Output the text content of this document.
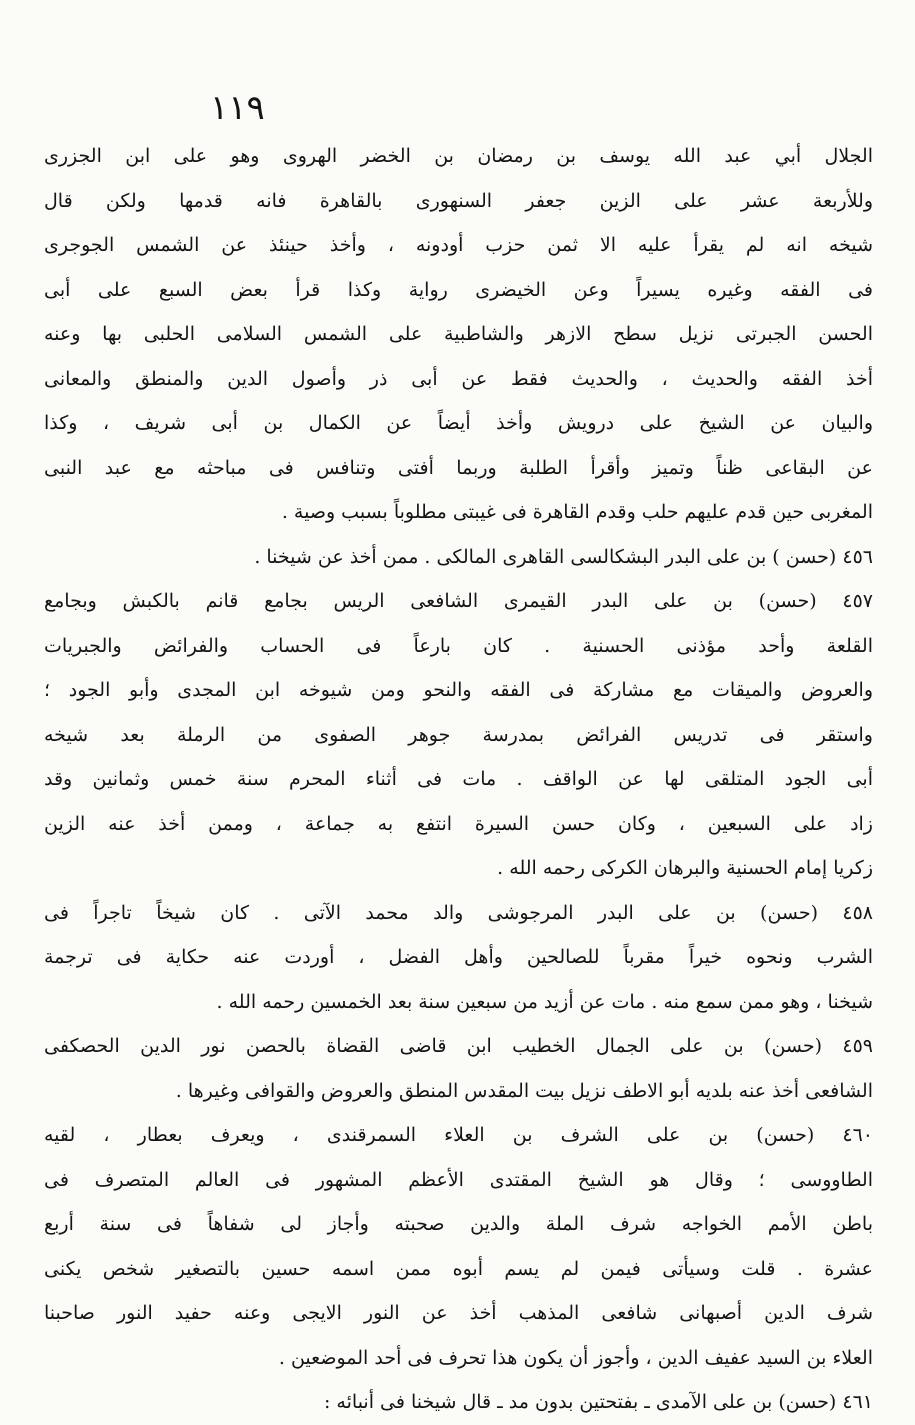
١١٩
الجلال أبي عبد الله يوسف بن رمضان بن الخضر الهروى وهو على ابن الجزرى
وللأربعة عشر على الزين جعفر السنهورى بالقاهرة فانه قدمها ولكن قال
شيخه انه لم يقرأ عليه الا ثمن حزب أودونه ، وأخذ حينئذ عن الشمس الجوجرى
فى الفقه وغيره يسيراً وعن الخيضرى رواية وكذا قرأ بعض السبع على أبى
الحسن الجبرتى نزيل سطح الازهر والشاطبية على الشمس السلامى الحلبى بها وعنه
أخذ الفقه والحديث ، والحديث فقط عن أبى ذر وأصول الدين والمنطق والمعانى
والبيان عن الشيخ على درويش وأخذ أيضاً عن الكمال بن أبى شريف ، وكذا
عن البقاعى ظناً وتميز وأقرأ الطلبة وربما أفتى وتنافس فى مباحثه مع عبد النبى
المغربى حين قدم عليهم حلب وقدم القاهرة فى غيبتى مطلوباً بسبب وصية .
٤٥٦ (حسن ) بن على البدر البشكالسى القاهرى المالكى . ممن أخذ عن شيخنا .
٤٥٧ (حسن) بن على البدر القيمرى الشافعى الريس بجامع قانم بالكبش وبجامع
القلعة وأحد مؤذنى الحسنية . كان بارعاً فى الحساب والفرائض والجبريات
والعروض والميقات مع مشاركة فى الفقه والنحو ومن شيوخه ابن المجدى وأبو الجود ؛
واستقر فى تدريس الفرائض بمدرسة جوهر الصفوى من الرملة بعد شيخه
أبى الجود المتلقى لها عن الواقف . مات فى أثناء المحرم سنة خمس وثمانين وقد
زاد على السبعين ، وكان حسن السيرة انتفع به جماعة ، وممن أخذ عنه الزين
زكريا إمام الحسنية والبرهان الكركى رحمه الله .
٤٥٨ (حسن) بن على البدر المرجوشى والد محمد الآتى . كان شيخاً تاجراً فى
الشرب ونحوه خيراً مقرباً للصالحين وأهل الفضل ، أوردت عنه حكاية فى ترجمة
شيخنا ، وهو ممن سمع منه . مات عن أزيد من سبعين سنة بعد الخمسين رحمه الله .
٤٥٩ (حسن) بن على الجمال الخطيب ابن قاضى القضاة بالحصن نور الدين الحصكفى
الشافعى أخذ عنه بلديه أبو الاطف نزيل بيت المقدس المنطق والعروض والقوافى وغيرها .
٤٦٠ (حسن) بن على الشرف بن العلاء السمرقندى ، ويعرف بعطار ، لقيه
الطاووسى ؛ وقال هو الشيخ المقتدى الأعظم المشهور فى العالم المتصرف فى
باطن الأمم الخواجه شرف الملة والدين صحبته وأجاز لى شفاهاً فى سنة أربع
عشرة . قلت وسيأتى فيمن لم يسم أبوه ممن اسمه حسين بالتصغير شخص يكنى
شرف الدين أصبهانى شافعى المذهب أخذ عن النور الايجى وعنه حفيد النور صاحبنا
العلاء بن السيد عفيف الدين ، وأجوز أن يكون هذا تحرف فى أحد الموضعين .
٤٦١ (حسن) بن على الآمدى ـ بفتحتين بدون مد ـ قال شيخنا فى أنبائه :
